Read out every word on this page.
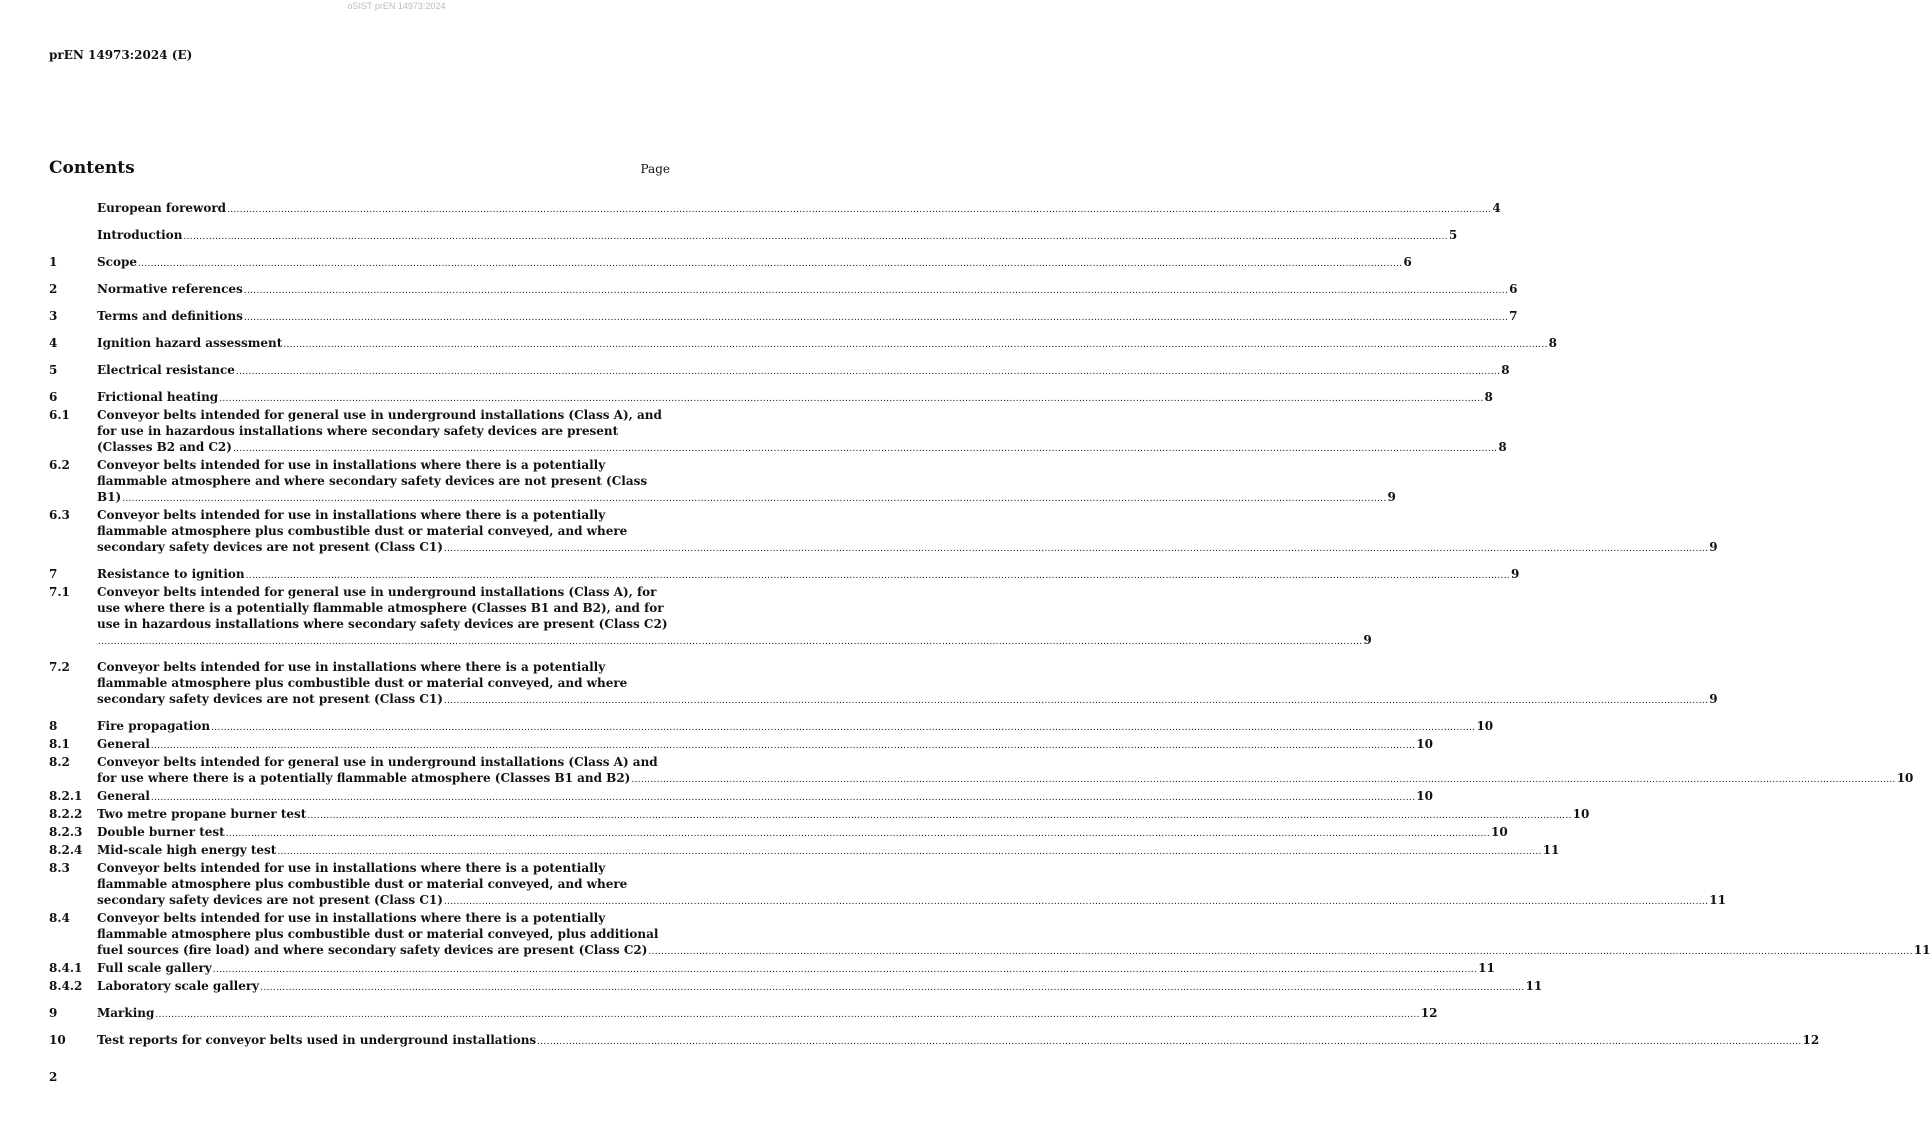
oSIST prEN 14973:2024
prEN 14973:2024 (E)
Contents	Page
European foreword ................................................................................................................................................................................................................................................................................................................................................................................................................ 4
Introduction ................................................................................................................................................................................................................................................................................................................................................................................................................ 5
1	Scope ................................................................................................................................................................................................................................................................................................................................................................................................................ 6
2	Normative references ................................................................................................................................................................................................................................................................................................................................................................................................................ 6
3	Terms and definitions ................................................................................................................................................................................................................................................................................................................................................................................................................ 7
4	Ignition hazard assessment ................................................................................................................................................................................................................................................................................................................................................................................................................ 8
5	Electrical resistance ................................................................................................................................................................................................................................................................................................................................................................................................................ 8
6	Frictional heating ................................................................................................................................................................................................................................................................................................................................................................................................................ 8
6.1	Conveyor belts intended for general use in underground installations (Class A), and
for use in hazardous installations where secondary safety devices are present
(Classes B2 and C2) ................................................................................................................................................................................................................................................................................................................................................................................................................ 8
6.2	Conveyor belts intended for use in installations where there is a potentially
flammable atmosphere and where secondary safety devices are not present (Class
B1) ................................................................................................................................................................................................................................................................................................................................................................................................................ 9
6.3	Conveyor belts intended for use in installations where there is a potentially
flammable atmosphere plus combustible dust or material conveyed, and where
secondary safety devices are not present (Class C1) ................................................................................................................................................................................................................................................................................................................................................................................................................ 9
7	Resistance to ignition ................................................................................................................................................................................................................................................................................................................................................................................................................ 9
7.1	Conveyor belts intended for general use in underground installations (Class A), for
use where there is a potentially flammable atmosphere (Classes B1 and B2), and for
use in hazardous installations where secondary safety devices are present (Class C2)
................................................................................................................................................................................................................................................................................................................................................................................................................ 9
7.2	Conveyor belts intended for use in installations where there is a potentially
flammable atmosphere plus combustible dust or material conveyed, and where
secondary safety devices are not present (Class C1) ................................................................................................................................................................................................................................................................................................................................................................................................................ 9
8	Fire propagation ................................................................................................................................................................................................................................................................................................................................................................................................................ 10
8.1	General ................................................................................................................................................................................................................................................................................................................................................................................................................ 10
8.2	Conveyor belts intended for general use in underground installations (Class A) and
for use where there is a potentially flammable atmosphere (Classes B1 and B2) ................................................................................................................................................................................................................................................................................................................................................................................................................ 10
8.2.1	General ................................................................................................................................................................................................................................................................................................................................................................................................................ 10
8.2.2	Two metre propane burner test ................................................................................................................................................................................................................................................................................................................................................................................................................ 10
8.2.3	Double burner test ................................................................................................................................................................................................................................................................................................................................................................................................................ 10
8.2.4	Mid-scale high energy test ................................................................................................................................................................................................................................................................................................................................................................................................................ 11
8.3	Conveyor belts intended for use in installations where there is a potentially
flammable atmosphere plus combustible dust or material conveyed, and where
secondary safety devices are not present (Class C1) ................................................................................................................................................................................................................................................................................................................................................................................................................ 11
8.4	Conveyor belts intended for use in installations where there is a potentially
flammable atmosphere plus combustible dust or material conveyed, plus additional
fuel sources (fire load) and where secondary safety devices are present (Class C2) ................................................................................................................................................................................................................................................................................................................................................................................................................ 11
8.4.1	Full scale gallery ................................................................................................................................................................................................................................................................................................................................................................................................................ 11
8.4.2	Laboratory scale gallery ................................................................................................................................................................................................................................................................................................................................................................................................................ 11
9	Marking ................................................................................................................................................................................................................................................................................................................................................................................................................ 12
10	Test reports for conveyor belts used in underground installations ................................................................................................................................................................................................................................................................................................................................................................................................................ 12
2
